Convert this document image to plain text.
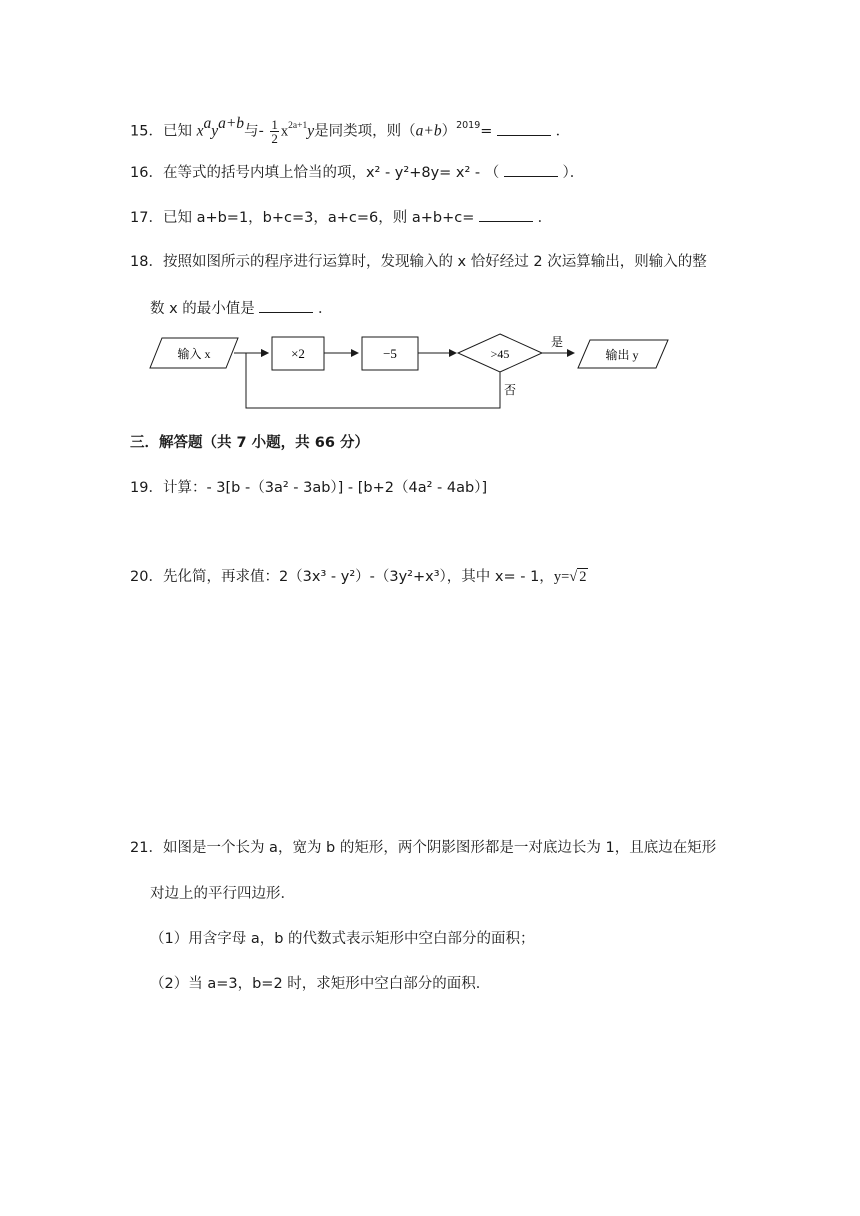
15．已知 $x^ay^{a+b}$与- $\frac{1}{2} x^{2a+1}y$是同类项，则$(a+b)^{2019}=$	．
16．在等式的括号内填上恰当的项，x² - y²+8y= x² - （	）．
17．已知 a+b=1，b+c=3，a+c=6，则 a+b+c=	．
18．按照如图所示的程序进行运算时，发现输入的 x 恰好经过 2 次运算输出，则输入的整
数 x 的最小值是	．
输入 x	×2	−5	>45
是
输出 y
否
三．解答题（共 7 小题，共 66 分）
19．计算：- 3[b -（3a² - 3ab）] - [b+2（4a² - 4ab）]
20．先化简，再求值：2（3x³ - y²）-（3y²+x³），其中 x= - 1，y=√ 2
21．如图是一个长为 a，宽为 b 的矩形，两个阴影图形都是一对底边长为 1，且底边在矩形
对边上的平行四边形．
（1）用含字母 a，b 的代数式表示矩形中空白部分的面积；
（2）当 a=3，b=2 时，求矩形中空白部分的面积．
